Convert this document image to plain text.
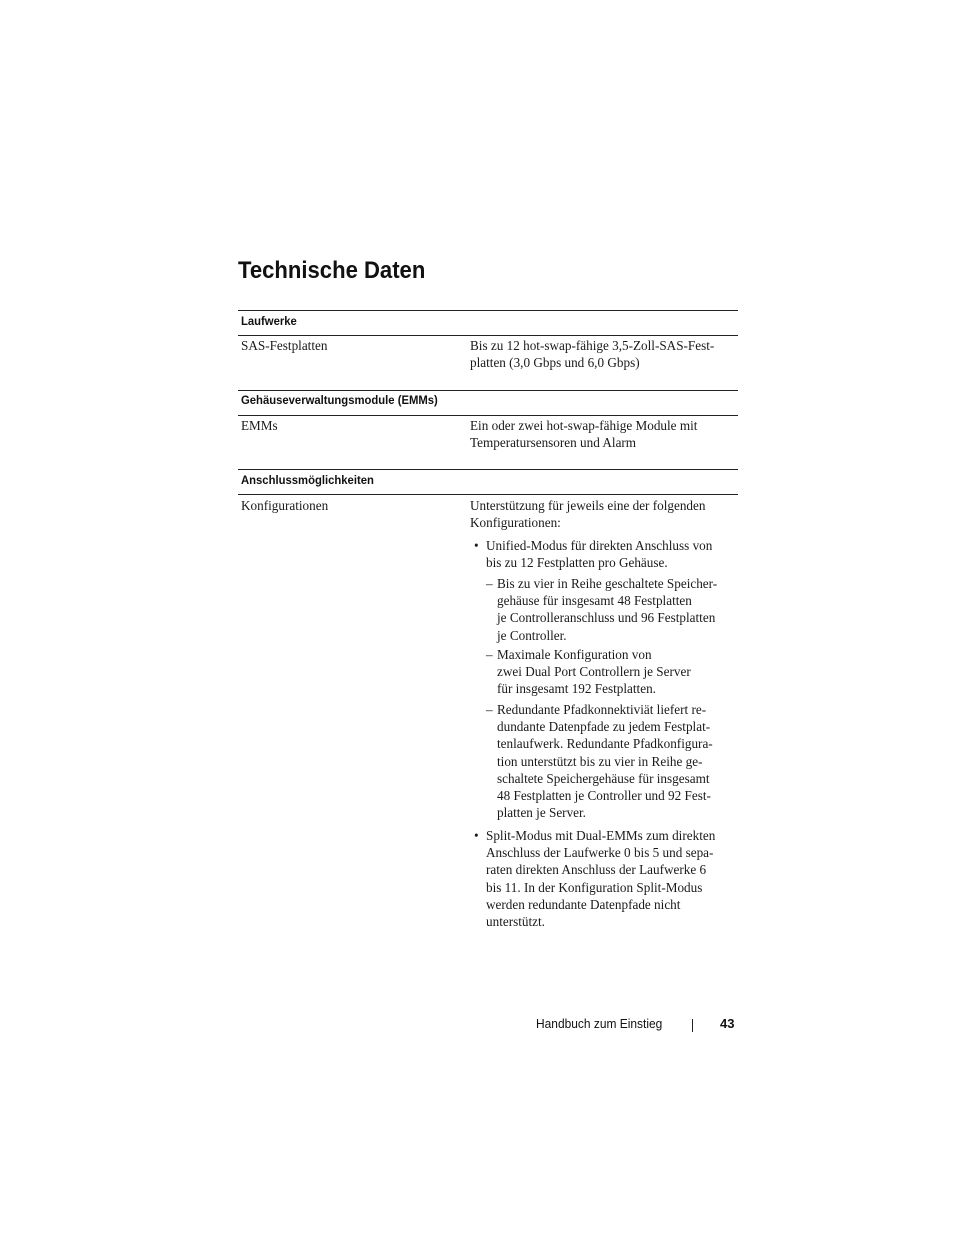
Technische Daten
Laufwerke
SAS-Festplatten	Bis zu 12 hot-swap-fähige 3,5-Zoll-SAS-Fest-
platten (3,0 Gbps und 6,0 Gbps)
Gehäuseverwaltungsmodule (EMMs)
EMMs	Ein oder zwei hot-swap-fähige Module mit
Temperatursensoren und Alarm
Anschlussmöglichkeiten
Konfigurationen	Unterstützung für jeweils eine der folgenden
Konfigurationen:
• Unified-Modus für direkten Anschluss von
bis zu 12 Festplatten pro Gehäuse.
– Bis zu vier in Reihe geschaltete Speicher-
gehäuse für insgesamt 48 Festplatten
je Controlleranschluss und 96 Festplatten
je Controller.
– Maximale Konfiguration von
zwei Dual Port Controllern je Server
für insgesamt 192 Festplatten.
– Redundante Pfadkonnektiviät liefert re-
dundante Datenpfade zu jedem Festplat-
tenlaufwerk. Redundante Pfadkonfigura-
tion unterstützt bis zu vier in Reihe ge-
schaltete Speichergehäuse für insgesamt
48 Festplatten je Controller und 92 Fest-
platten je Server.
• Split-Modus mit Dual-EMMs zum direkten
Anschluss der Laufwerke 0 bis 5 und sepa-
raten direkten Anschluss der Laufwerke 6
bis 11. In der Konfiguration Split-Modus
werden redundante Datenpfade nicht
unterstützt.
Handbuch zum Einstieg	43
